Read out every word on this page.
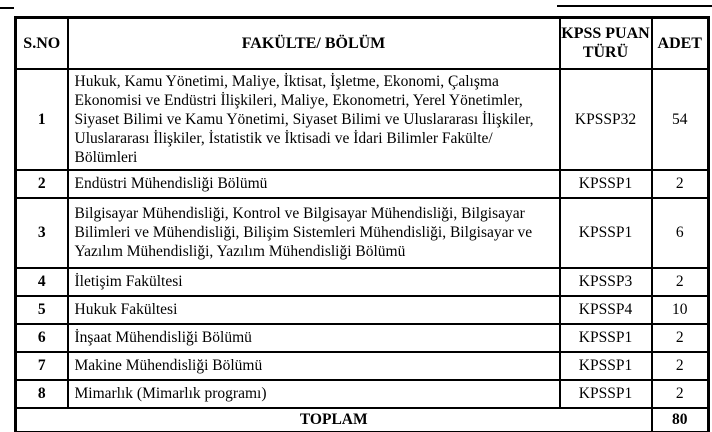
S.NO	FAKÜLTE/ BÖLÜM	KPSS PUAN TÜRÜ	ADET
1	Hukuk, Kamu Yönetimi, Maliye, İktisat, İşletme, Ekonomi, Çalışma Ekonomisi ve Endüstri İlişkileri, Maliye, Ekonometri, Yerel Yönetimler, Siyaset Bilimi ve Kamu Yönetimi, Siyaset Bilimi ve Uluslararası İlişkiler, Uluslararası İlişkiler, İstatistik ve İktisadi ve İdari Bilimler Fakülte/ Bölümleri	KPSSP32	54
2	Endüstri Mühendisliği Bölümü	KPSSP1	2
3	Bilgisayar Mühendisliği, Kontrol ve Bilgisayar Mühendisliği, Bilgisayar Bilimleri ve Mühendisliği, Bilişim Sistemleri Mühendisliği, Bilgisayar ve Yazılım Mühendisliği, Yazılım Mühendisliği Bölümü	KPSSP1	6
4	İletişim Fakültesi	KPSSP3	2
5	Hukuk Fakültesi	KPSSP4	10
6	İnşaat Mühendisliği Bölümü	KPSSP1	2
7	Makine Mühendisliği Bölümü	KPSSP1	2
8	Mimarlık (Mimarlık programı)	KPSSP1	2
TOPLAM			80
